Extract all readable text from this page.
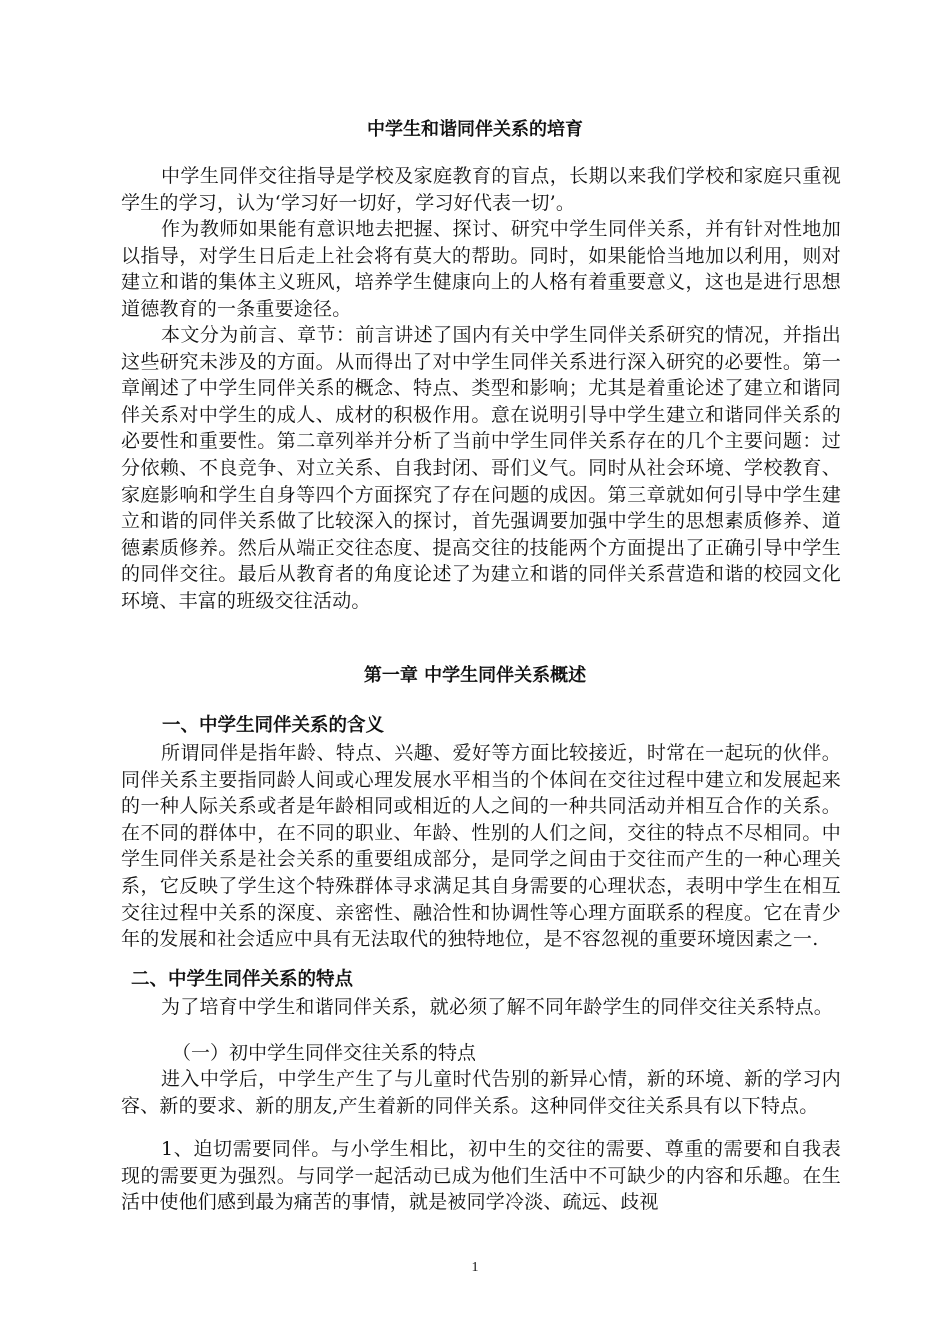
中学生和谐同伴关系的培育
中学生同伴交往指导是学校及家庭教育的盲点，长期以来我们学校和家庭只重视学生的学习，认为‘学习好一切好，学习好代表一切’。
作为教师如果能有意识地去把握、探讨、研究中学生同伴关系，并有针对性地加以指导，对学生日后走上社会将有莫大的帮助。同时，如果能恰当地加以利用，则对建立和谐的集体主义班风，培养学生健康向上的人格有着重要意义，这也是进行思想道德教育的一条重要途径。
本文分为前言、章节：前言讲述了国内有关中学生同伴关系研究的情况，并指出这些研究未涉及的方面。从而得出了对中学生同伴关系进行深入研究的必要性。第一章阐述了中学生同伴关系的概念、特点、类型和影响；尤其是着重论述了建立和谐同伴关系对中学生的成人、成材的积极作用。意在说明引导中学生建立和谐同伴关系的必要性和重要性。第二章列举并分析了当前中学生同伴关系存在的几个主要问题：过分依赖、不良竞争、对立关系、自我封闭、哥们义气。同时从社会环境、学校教育、家庭影响和学生自身等四个方面探究了存在问题的成因。第三章就如何引导中学生建立和谐的同伴关系做了比较深入的探讨，首先强调要加强中学生的思想素质修养、道德素质修养。然后从端正交往态度、提高交往的技能两个方面提出了正确引导中学生的同伴交往。最后从教育者的角度论述了为建立和谐的同伴关系营造和谐的校园文化环境、丰富的班级交往活动。
第一章 中学生同伴关系概述
一、中学生同伴关系的含义
所谓同伴是指年龄、特点、兴趣、爱好等方面比较接近，时常在一起玩的伙伴。同伴关系主要指同龄人间或心理发展水平相当的个体间在交往过程中建立和发展起来的一种人际关系或者是年龄相同或相近的人之间的一种共同活动并相互合作的关系。在不同的群体中，在不同的职业、年龄、性别的人们之间，交往的特点不尽相同。中学生同伴关系是社会关系的重要组成部分，是同学之间由于交往而产生的一种心理关系，它反映了学生这个特殊群体寻求满足其自身需要的心理状态，表明中学生在相互交往过程中关系的深度、亲密性、融洽性和协调性等心理方面联系的程度。它在青少年的发展和社会适应中具有无法取代的独特地位，是不容忽视的重要环境因素之一.
二、中学生同伴关系的特点
为了培育中学生和谐同伴关系，就必须了解不同年龄学生的同伴交往关系特点。
（一）初中学生同伴交往关系的特点
进入中学后，中学生产生了与儿童时代告别的新异心情，新的环境、新的学习内容、新的要求、新的朋友,产生着新的同伴关系。这种同伴交往关系具有以下特点。
1、迫切需要同伴。与小学生相比，初中生的交往的需要、尊重的需要和自我表现的需要更为强烈。与同学一起活动已成为他们生活中不可缺少的内容和乐趣。在生活中使他们感到最为痛苦的事情，就是被同学冷淡、疏远、歧视
1
